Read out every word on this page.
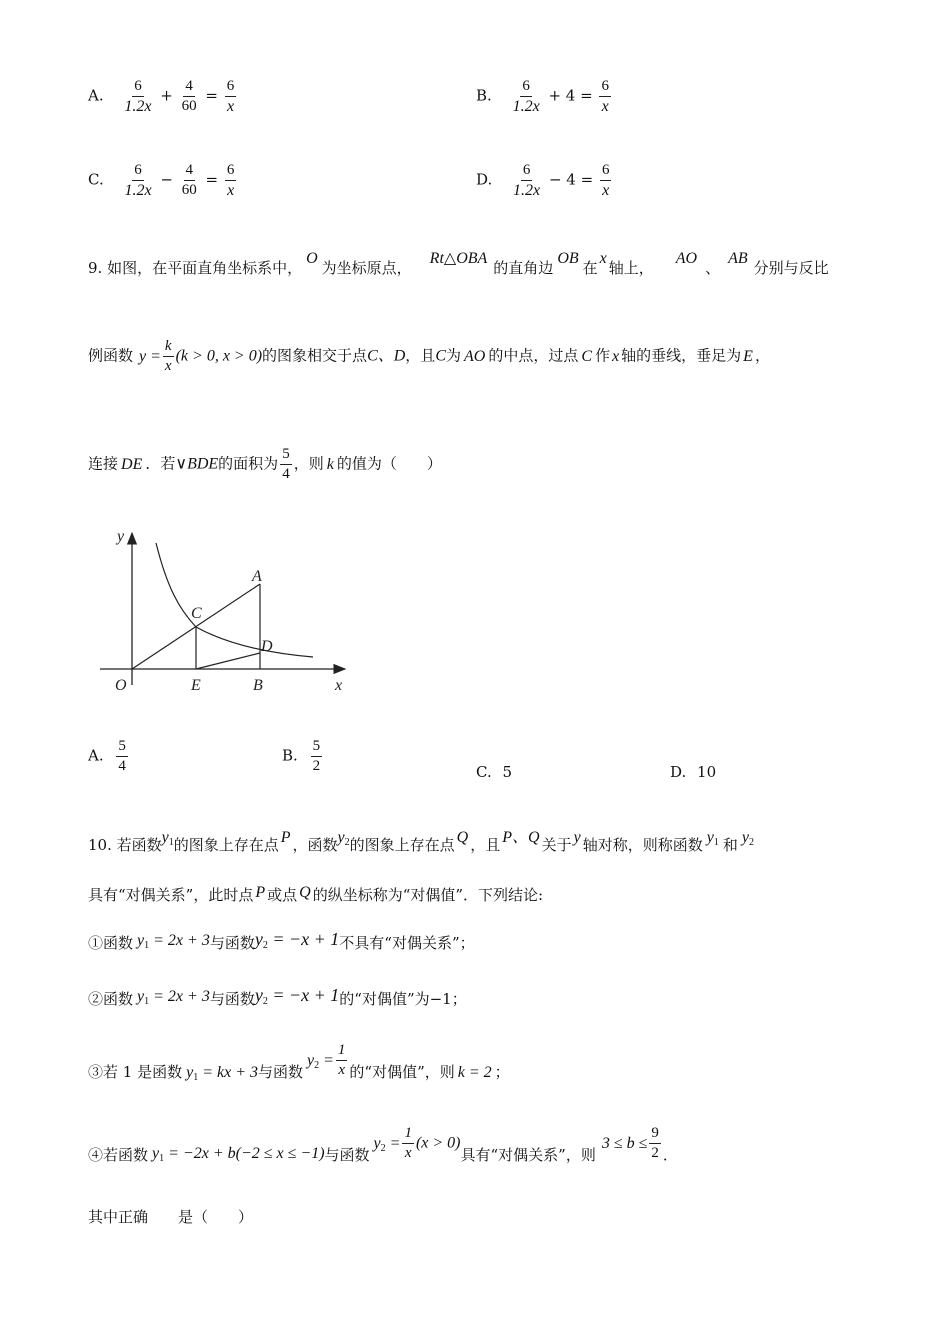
A. $\frac{6}{1.2x} + \frac{4}{60} = \frac{6}{x}$	B. $\frac{6}{1.2x} + 4 = \frac{6}{x}$
C. $\frac{6}{1.2x} - \frac{4}{60} = \frac{6}{x}$	D. $\frac{6}{1.2x} - 4 = \frac{6}{x}$
9. 如图，在平面直角坐标系中，O为坐标原点，Rt△OBA的直角边OB在x轴上，AO、AB分别与反比
例函数 $y = \frac{k}{x} (k > 0$, x > 0)的图象相交于点C、D，且C为 AO 的中点，过点 C 作 x 轴的垂线，垂足为 E ，
连接 DE ．若∨BDE的面积为 $\frac{5}{4}$ ，则 k 的值为（　　）
y
x
O	E	B
C
D
A
A. $\frac{5}{4}$	B. $\frac{5}{2}$	C. 5	D. 10
10. 若函数$y_1$的图象上存在点 P ，函数$y_2$的图象上存在点 Q ，且 P、Q 关于 y 轴对称，则称函数 $y_1$ 和 $y_2$
具有“对偶关系”，此时点 P 或点 Q 的纵坐标称为“对偶值”．下列结论:
①函数 $y_1 = 2x + 3$与函数$y_2 = -x + 1$不具有“对偶关系”；
②函数 $y_1 = 2x + 3$与函数$y_2 = -x + 1$的“对偶值”为−1；
③若 1 是函数 $y_1$ = kx + 3与函数$y_2 = \frac{1}{x}$ 的“对偶值”，则 k = 2 ；
④若函数 $y_1 = -2x + b(-2 \le x \le -1)$与函数$y_2 = \frac{1}{x} (x > 0)$具有“对偶关系”，则$3 \le b \le \frac{9}{2}$ ．
其中正确　　是（　　）
